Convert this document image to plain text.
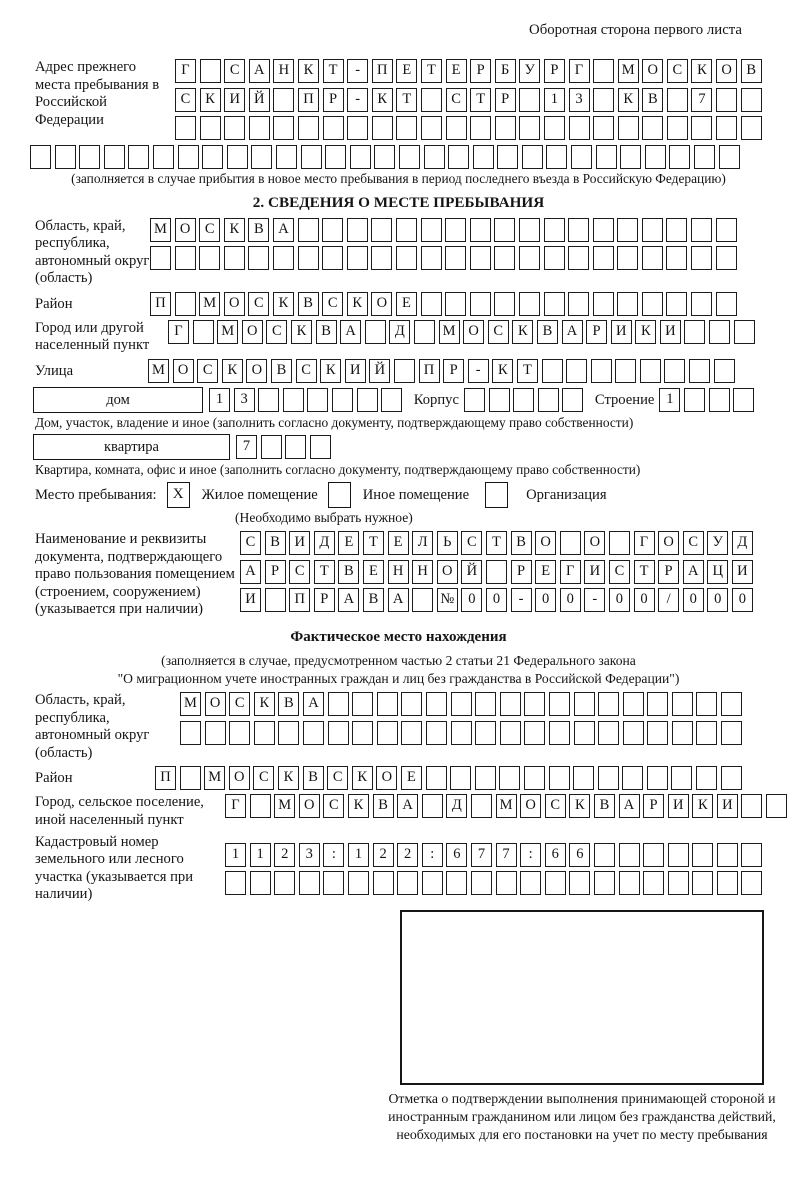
Оборотная сторона первого листа
Адрес прежнего места пребывания в Российской Федерации
Г	С	А Н	К	Т	-	П	Е	Т	Е	Р	Б	У	Р	Г	М О	С	К	О	В
С	К	И Й	П	Р	-	К	Т	С	Т	Р	1	3	К	В	7
(заполняется в случае прибытия в новое место пребывания в период последнего въезда в Российскую Федерацию)
2. СВЕДЕНИЯ О МЕСТЕ ПРЕБЫВАНИЯ
Область, край, республика, автономный округ (область)
М О	С	К	В	А
Район	П	М О	С	К	В	С	К	О	Е
Город или другой населенный пункт
Г	М О	С	К	В	А	Д	М О	С	К	В	А	Р	И	К	И
Улица	М О	С	К	О	В	С	К	И Й	П	Р	-	К	Т
дом	1	3	Корпус	Строение 1
Дом, участок, владение и иное (заполнить согласно документу, подтверждающему право собственности)
квартира	7
Квартира, комната, офис и иное (заполнить согласно документу, подтверждающему право собственности)
Место пребывания:	X	Жилое помещение	Иное помещение	Организация
(Необходимо выбрать нужное)
Наименование и реквизиты документа, подтверждающего право пользования помещением (строением, сооружением) (указывается при наличии)
С	В	И Д	Е	Т	Е	Л	Ь	С	Т	В	О	О	Г	О	С	У	Д
А	Р	С	Т	В	Е	Н Н О Й	Р	Е	Г	И	С	Т	Р	А Ц И
И	П	Р	А	В	А	№ 0	0	-	0	0	-	0	0	/	0	0	0
Фактическое место нахождения
(заполняется в случае, предусмотренном частью 2 статьи 21 Федерального закона
"О миграционном учете иностранных граждан и лиц без гражданства в Российской Федерации")
Область, край, республика, автономный округ (область)
М О	С	К	В	А
Район	П	М О	С	К	В	С	К	О	Е
Город, сельское поселение, иной населенный пункт
Г	М О	С	К	В	А	Д	М О	С	К	В	А	Р	И	К	И
Кадастровый номер земельного или лесного участка (указывается при наличии)
1	1	2	3	:	1	2	2	:	6	7	7	:	6	6
Отметка о подтверждении выполнения принимающей стороной и иностранным гражданином или лицом без гражданства действий, необходимых для его постановки на учет по месту пребывания
